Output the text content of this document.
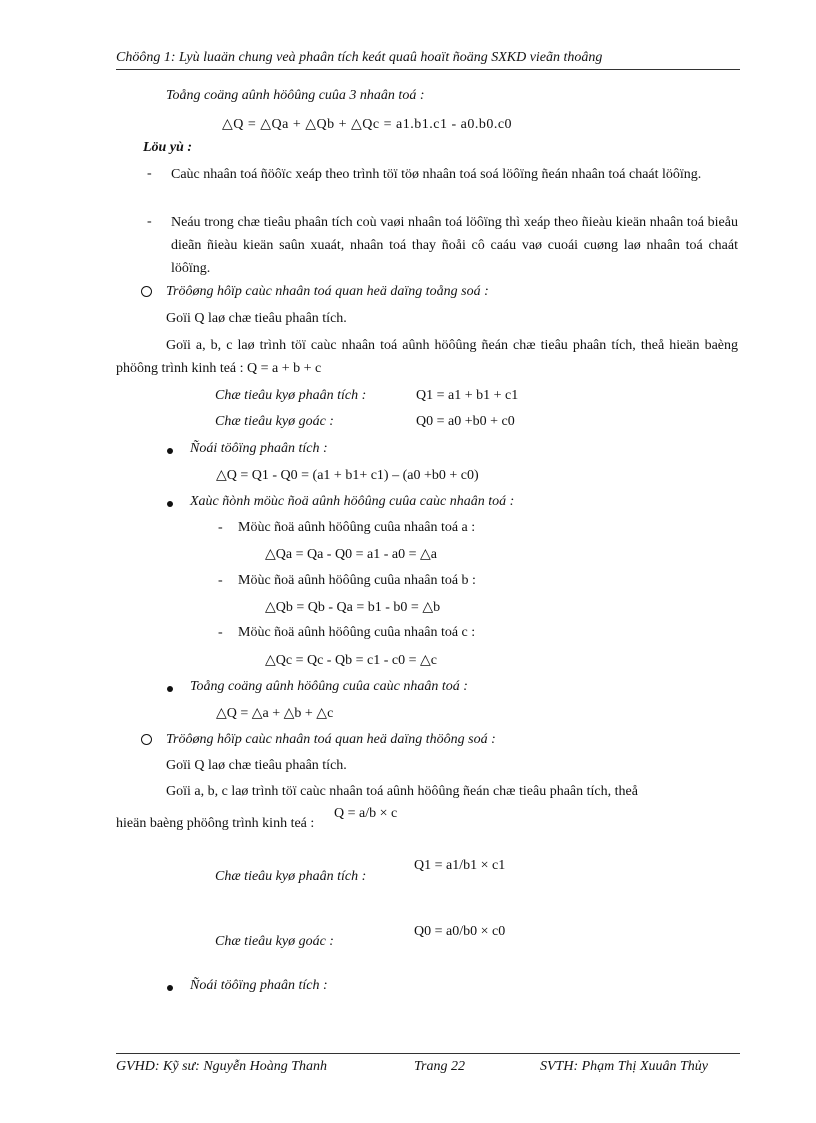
Chöông 1: Lyù luaän chung veà phaân tích keát quaû hoaït ñoäng SXKD vieãn thoâng
Toång coäng aûnh höôûng cuûa 3 nhaân toá :
△Q = △Qa + △Qb + △Qc = a1.b1.c1 - a0.b0.c0
Löu yù :
- Caùc nhaân toá ñöôïc xeáp theo trình töï töø nhaân toá soá löôïng ñeán nhaân toá chaát löôïng.
- Neáu trong chæ tieâu phaân tích coù vaøi nhaân toá löôïng thì xeáp theo ñieàu kieän nhaân toá bieåu dieãn ñieàu kieän saûn xuaát, nhaân toá thay ñoåi cô caáu vaø cuoái cuøng laø nhaân toá chaát löôïng.
Tröôøng hôïp caùc nhaân toá quan heä daïng toång soá :
Goïi Q laø chæ tieâu phaân tích.
Goïi a, b, c laø trình töï caùc nhaân toá aûnh höôûng ñeán chæ tieâu phaân tích, theå hieän baèng phöông trình kinh teá : Q = a + b + c
Chæ tieâu kyø phaân tích :	Q1 = a1 + b1 + c1
Chæ tieâu kyø goác :	Q0 = a0 +b0 + c0
Ñoái töôïng phaân tích :
△Q = Q1 - Q0 = (a1 + b1+ c1) – (a0 +b0 + c0)
Xaùc ñònh möùc ñoä aûnh höôûng cuûa caùc nhaân toá :
- Möùc ñoä aûnh höôûng cuûa nhaân toá a :
△Qa = Qa - Q0 = a1 - a0 = △a
- Möùc ñoä aûnh höôûng cuûa nhaân toá b :
△Qb = Qb - Qa = b1 - b0 = △b
- Möùc ñoä aûnh höôûng cuûa nhaân toá c :
△Qc = Qc - Qb = c1 - c0 = △c
Toång coäng aûnh höôûng cuûa caùc nhaân toá :
△Q = △a + △b + △c
Tröôøng hôïp caùc nhaân toá quan heä daïng thöông soá :
Goïi Q laø chæ tieâu phaân tích.
Goïi a, b, c laø trình töï caùc nhaân toá aûnh höôûng ñeán chæ tieâu phaân tích, theå
hieän baèng phöông trình kinh teá :
Q = a/b × c
Chæ tieâu kyø phaân tích :
Q1 = a1/b1 × c1
Chæ tieâu kyø goác :
Q0 = a0/b0 × c0
Ñoái töôïng phaân tích :
GVHD: Kỹ sư: Nguyễn Hoàng Thanh	Trang 22	SVTH: Phạm Thị Xuuân Thủy
